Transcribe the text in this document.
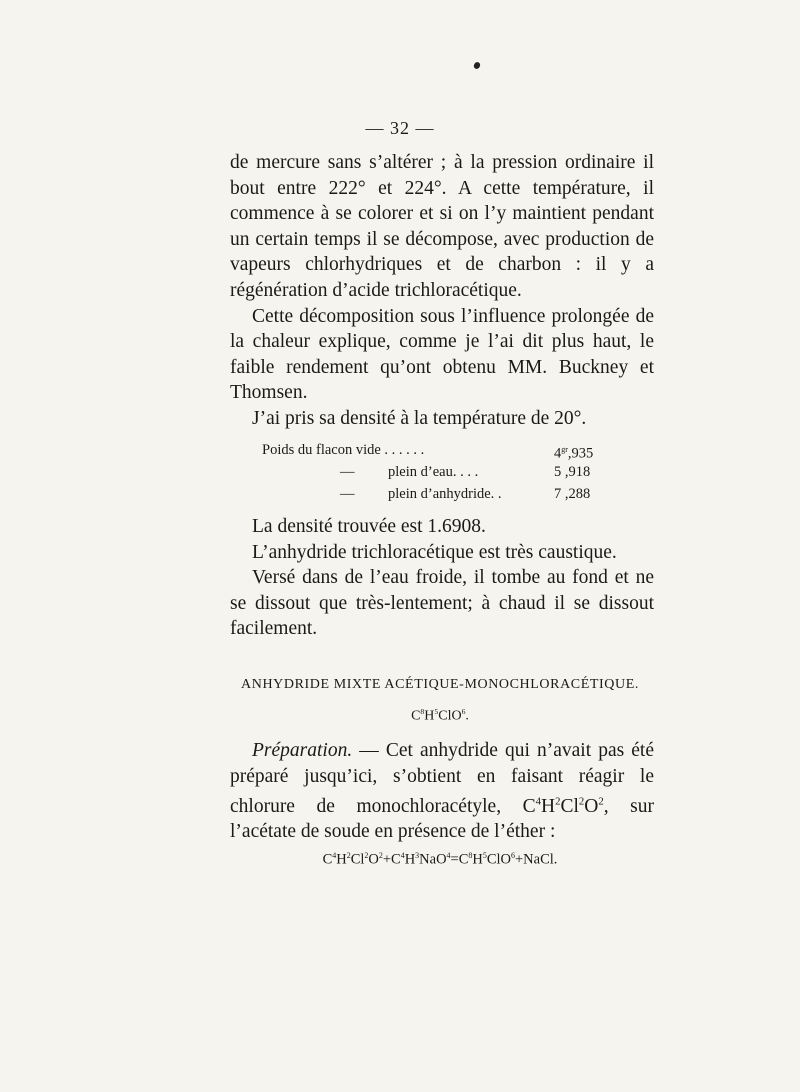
— 32 —

de mercure sans s’altérer ; à la pression ordinaire il bout entre 222° et 224°. A cette température, il commence à se colorer et si on l’y maintient pendant un certain temps il se décompose, avec production de vapeurs chlorhydriques et de charbon : il y a régénération d’acide trichloracétique.

Cette décomposition sous l’influence prolongée de la chaleur explique, comme je l’ai dit plus haut, le faible rendement qu’ont obtenu MM. Buckney et Thomsen.

J’ai pris sa densité à la température de 20°.

Poids du flacon vide . . . . . .	$4^{gr},935$
— plein d’eau. . . .	5 ,918
— plein d’anhydride. .	7 ,288

La densité trouvée est 1.6908.

L’anhydride trichloracétique est très caustique.

Versé dans de l’eau froide, il tombe au fond et ne se dissout que très-lentement; à chaud il se dissout facilement.

ANHYDRIDE MIXTE ACÉTIQUE-MONOCHLORACÉTIQUE.
$C^8H^5ClO^6$.

Préparation. — Cet anhydride qui n’avait pas été préparé jusqu’ici, s’obtient en faisant réagir le chlorure de monochloracétyle, $C^4H^2Cl^2O^2$, sur l’acétate de soude en présence de l’éther :

$C^4H^2Cl^2O^2+C^4H^3NaO^4=C^8H^5ClO^6+NaCl$.
